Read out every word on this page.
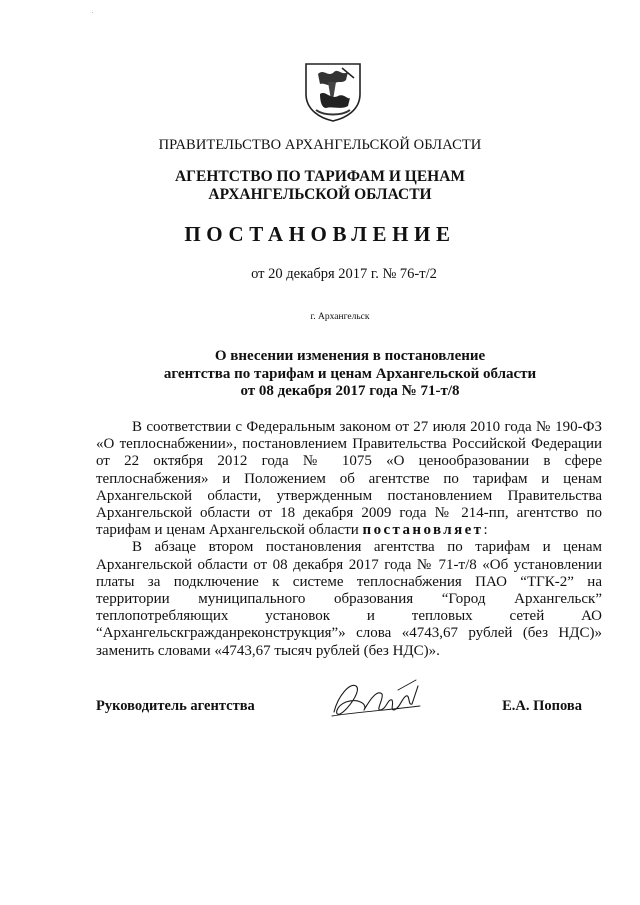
ПРАВИТЕЛЬСТВО АРХАНГЕЛЬСКОЙ ОБЛАСТИ
АГЕНТСТВО ПО ТАРИФАМ И ЦЕНАМ
АРХАНГЕЛЬСКОЙ ОБЛАСТИ
ПОСТАНОВЛЕНИЕ
от 20 декабря 2017 г. № 76-т/2
г. Архангельск
О внесении изменения в постановление
агентства по тарифам и ценам Архангельской области
от 08 декабря 2017 года № 71-т/8

В соответствии с Федеральным законом от 27 июля 2010 года № 190-ФЗ «О теплоснабжении», постановлением Правительства Российской Федерации от 22 октября 2012 года № 1075 «О ценообразовании в сфере теплоснабжения» и Положением об агентстве по тарифам и ценам Архангельской области, утвержденным постановлением Правительства Архангельской области от 18 декабря 2009 года № 214-пп, агентство по тарифам и ценам Архангельской области постановляет:

В абзаце втором постановления агентства по тарифам и ценам Архангельской области от 08 декабря 2017 года № 71-т/8 «Об установлении платы за подключение к системе теплоснабжения ПАО “ТГК-2” на территории муниципального образования “Город Архангельск” теплопотребляющих установок и тепловых сетей АО “Архангельскгражданреконструкция”» слова «4743,67 рублей (без НДС)» заменить словами «4743,67 тысяч рублей (без НДС)».

Руководитель агентства	Е.А. Попова
